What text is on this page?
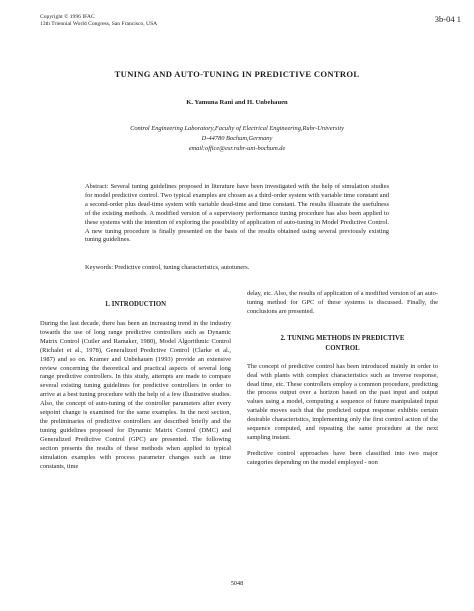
Copyright © 1996 IFAC
13th Triennial World Congress, San Francisco, USA	3b-04 1
TUNING AND AUTO-TUNING IN PREDICTIVE CONTROL
K. Yamuna Rani and H. Unbehauen
Control Engineering Laboratory,Faculty of Electrical Engineering,Ruhr-University
D-44780 Bochum,Germany
email:office@esr.ruhr-uni-bochum.de
Abstract: Several tuning guidelines proposed in literature have been investigated with the help of simulation studies for model predictive control. Two typical examples are chosen as a third-order system with variable time constant and a second-order plus dead-time system with variable dead-time and time constant. The results illustrate the usefulness of the existing methods. A modified version of a supervisory performance tuning procedure has also been applied to these systems with the intention of exploring the possibility of application of auto-tuning in Model Predictive Control. A new tuning procedure is finally presented on the basis of the results obtained using several previously existing tuning guidelines.
Keywords: Predictive control, tuning characteristics, autotuners.
1. INTRODUCTION

During the last decade, there has been an increasing trend in the industry towards the use of long range predictive controllers such as Dynamic Matrix Control (Cutler and Ramaker, 1980), Model Algorithmic Control (Richalet et al., 1978), Generalized Predictive Control (Clarke et al., 1987) and so on. Kramer and Unbehauen (1993) provide an extensive review concerning the theoretical and practical aspects of several long range predictive controllers. In this study, attempts are made to compare several existing tuning guidelines for predictive controllers in order to arrive at a best tuning procedure with the help of a few illustrative studies. Also, the concept of auto-tuning of the controller parameters after every setpoint change is examined for the same examples. In the next section, the preliminaries of predictive controllers are described briefly and the tuning guidelines proposed for Dynamic Matrix Control (DMC) and Generalized Predictive Control (GPC) are presented. The following section presents the results of these methods when applied to typical simulation examples with process parameter changes such as time constants, time

delay, etc. Also, the results of application of a modified version of an auto-tuning method for GPC of these systems is discussed. Finally, the conclusions are presented.

2. TUNING METHODS IN PREDICTIVE
CONTROL

The concept of predictive control has been introduced mainly in order to deal with plants with complex characteristics such as inverse response, dead time, etc. These controllers employ a common procedure, predicting the process output over a horizon based on the past input and output values using a model, computing a sequence of future manipulated input variable moves such that the predicted output response exhibits certain desirable characteristics, implementing only the first control action of the sequence computed, and repeating the same procedure at the next sampling instant.

Predictive control approaches have been classified into two major categories depending on the model employed - non

5048
